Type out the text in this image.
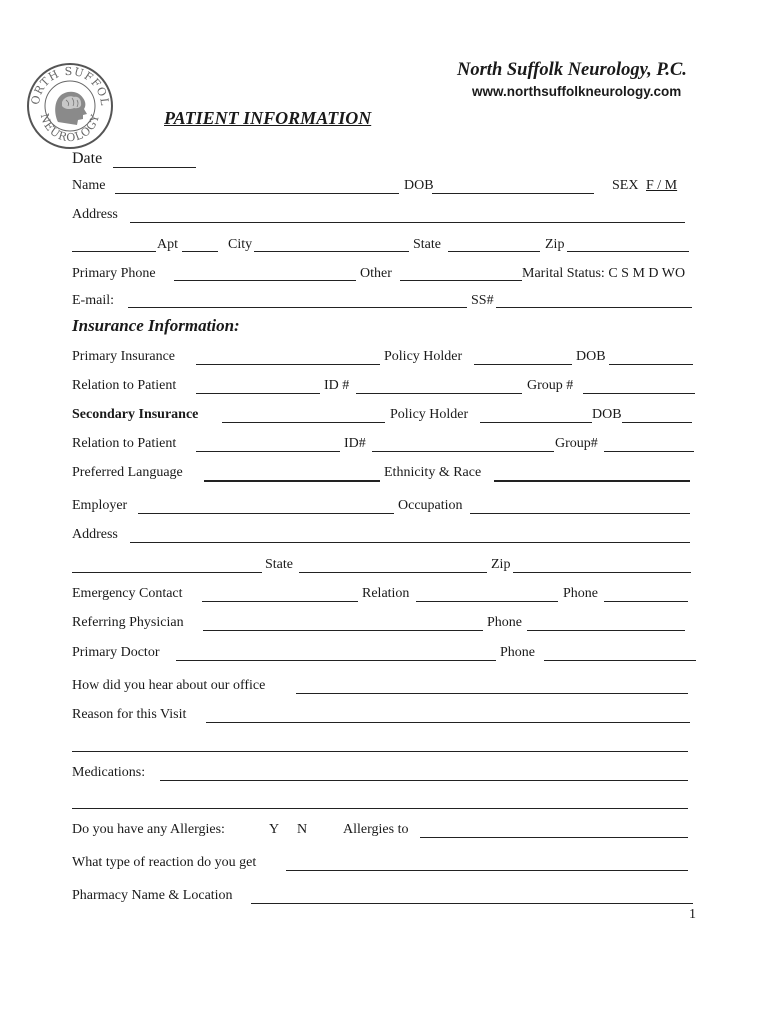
ORTH SUFFOL
NEUROLOGY
North Suffolk Neurology, P.C.
www.northsuffolkneurology.com
PATIENT INFORMATION
Date
Name	DOB	SEX F / M
Address
Apt	City	State	Zip
Primary Phone	Other	Marital Status: C S M D WO
E-mail:	SS#
Insurance Information:
Primary Insurance	Policy Holder	DOB
Relation to Patient	ID #	Group #
Secondary Insurance	Policy Holder	DOB
Relation to Patient	ID#	Group#
Preferred Language	Ethnicity & Race
Employer	Occupation
Address
State	Zip
Emergency Contact	Relation	Phone
Referring Physician	Phone
Primary Doctor	Phone
How did you hear about our office
Reason for this Visit
Medications:
Do you have any Allergies:	Y N	Allergies to
What type of reaction do you get
Pharmacy Name & Location
1
